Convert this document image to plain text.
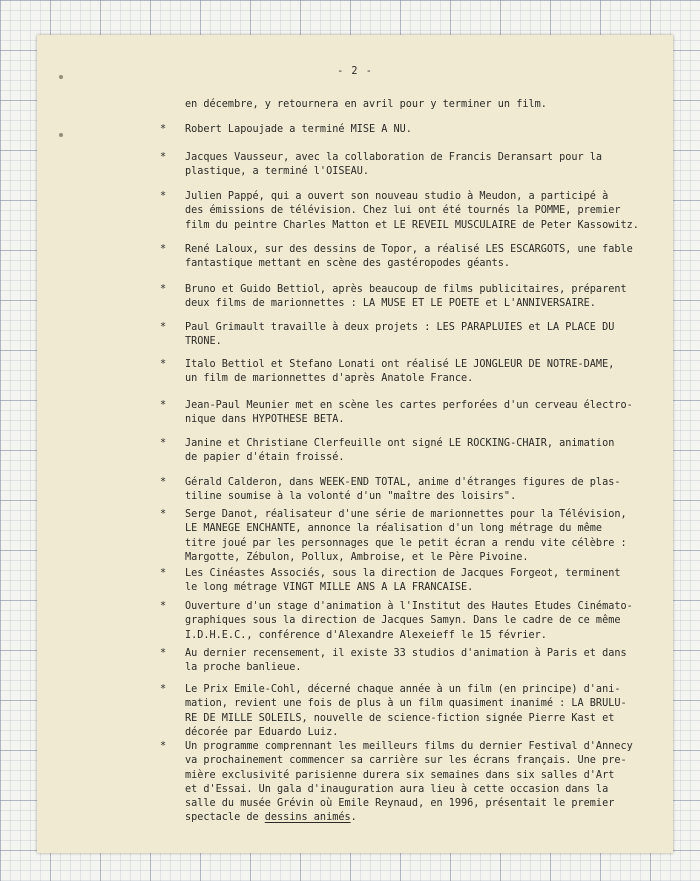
- 2 -
en décembre, y retournera en avril pour y terminer un film.
*	Robert Lapoujade a terminé MISE A NU.
*	Jacques Vausseur, avec la collaboration de Francis Deransart pour la
plastique, a terminé l'OISEAU.
*	Julien Pappé, qui a ouvert son nouveau studio à Meudon, a participé à
des émissions de télévision. Chez lui ont été tournés la POMME, premier
film du peintre Charles Matton et LE REVEIL MUSCULAIRE de Peter Kassowitz.
*	René Laloux, sur des dessins de Topor, a réalisé LES ESCARGOTS, une fable
fantastique mettant en scène des gastéropodes géants.
*	Bruno et Guido Bettiol, après beaucoup de films publicitaires, préparent
deux films de marionnettes : LA MUSE ET LE POETE et L'ANNIVERSAIRE.
*	Paul Grimault travaille à deux projets : LES PARAPLUIES et LA PLACE DU
TRONE.
*	Italo Bettiol et Stefano Lonati ont réalisé LE JONGLEUR DE NOTRE-DAME,
un film de marionnettes d'après Anatole France.
*	Jean-Paul Meunier met en scène les cartes perforées d'un cerveau électro-
nique dans HYPOTHESE BETA.
*	Janine et Christiane Clerfeuille ont signé LE ROCKING-CHAIR, animation
de papier d'étain froissé.
*	Gérald Calderon, dans WEEK-END TOTAL, anime d'étranges figures de plas-
tiline soumise à la volonté d'un "maître des loisirs".
*	Serge Danot, réalisateur d'une série de marionnettes pour la Télévision,
LE MANEGE ENCHANTE, annonce la réalisation d'un long métrage du même
titre joué par les personnages que le petit écran a rendu vite célèbre :
Margotte, Zébulon, Pollux, Ambroise, et le Père Pivoine.
*	Les Cinéastes Associés, sous la direction de Jacques Forgeot, terminent
le long métrage VINGT MILLE ANS A LA FRANCAISE.
*	Ouverture d'un stage d'animation à l'Institut des Hautes Etudes Cinémato-
graphiques sous la direction de Jacques Samyn. Dans le cadre de ce même
I.D.H.E.C., conférence d'Alexandre Alexeieff le 15 février.
*	Au dernier recensement, il existe 33 studios d'animation à Paris et dans
la proche banlieue.
*	Le Prix Emile-Cohl, décerné chaque année à un film (en principe) d'ani-
mation, revient une fois de plus à un film quasiment inanimé : LA BRULU-
RE DE MILLE SOLEILS, nouvelle de science-fiction signée Pierre Kast et
décorée par Eduardo Luiz.
*	Un programme comprennant les meilleurs films du dernier Festival d'Annecy
va prochainement commencer sa carrière sur les écrans français. Une pre-
mière exclusivité parisienne durera six semaines dans six salles d'Art
et d'Essai. Un gala d'inauguration aura lieu à cette occasion dans la
salle du musée Grévin où Emile Reynaud, en 1996, présentait le premier
spectacle de dessins animés.
